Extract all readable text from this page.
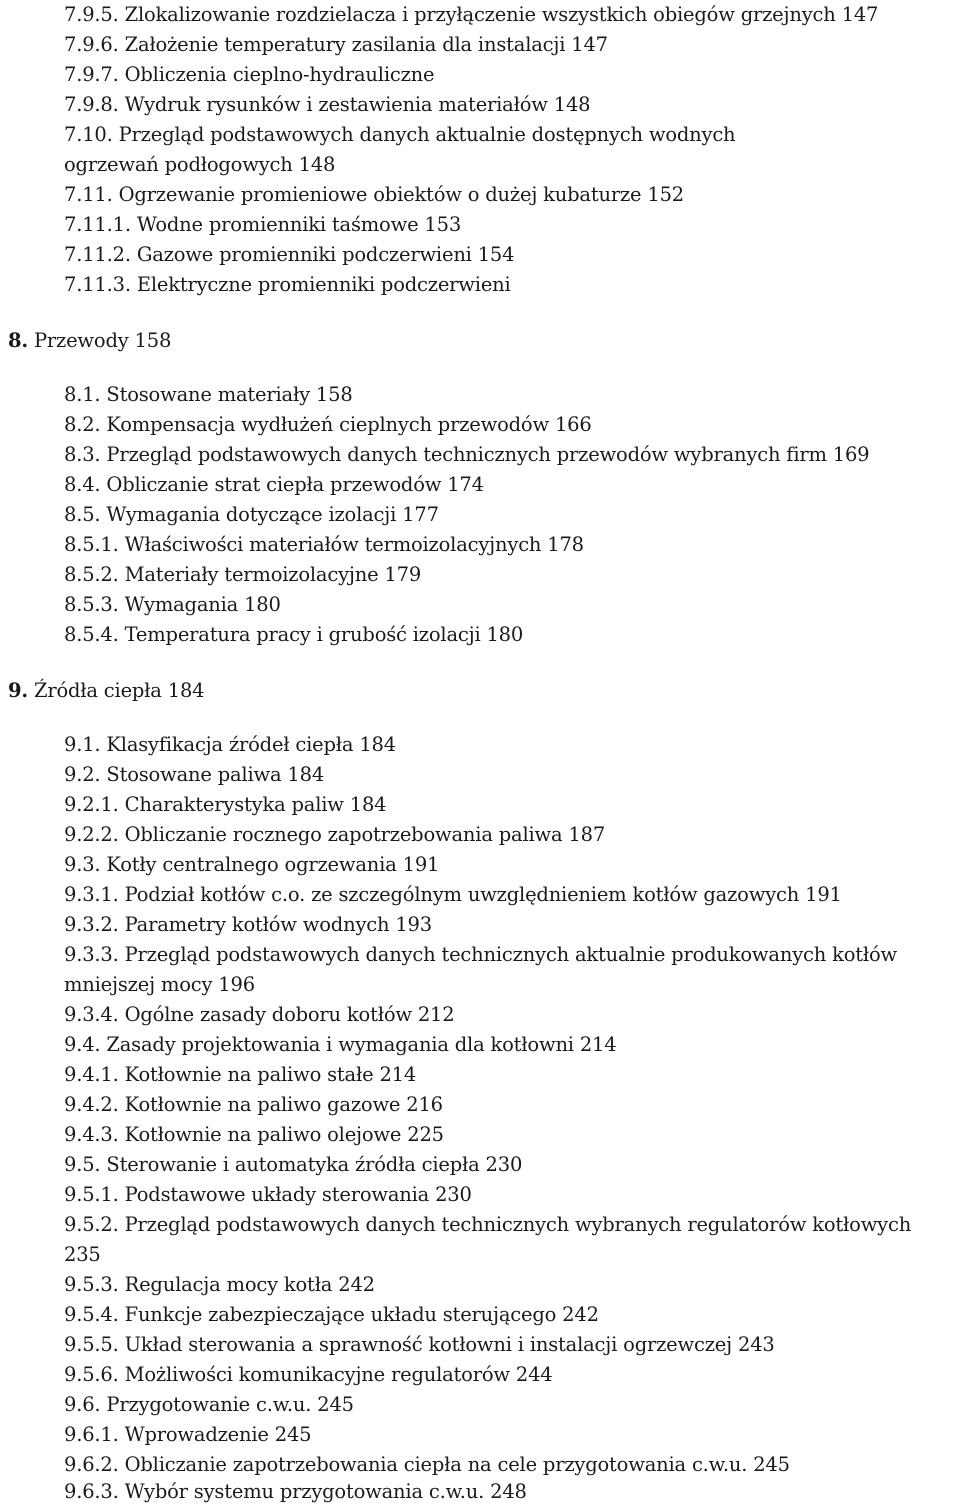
7.9.5. Zlokalizowanie rozdzielacza i przyłączenie wszystkich obiegów grzejnych 147
7.9.6. Założenie temperatury zasilania dla instalacji 147
7.9.7. Obliczenia cieplno-hydrauliczne
7.9.8. Wydruk rysunków i zestawienia materiałów 148
7.10. Przegląd podstawowych danych aktualnie dostępnych wodnych
ogrzewań podłogowych 148
7.11. Ogrzewanie promieniowe obiektów o dużej kubaturze 152
7.11.1. Wodne promienniki taśmowe 153
7.11.2. Gazowe promienniki podczerwieni 154
7.11.3. Elektryczne promienniki podczerwieni
8. Przewody 158
8.1. Stosowane materiały 158
8.2. Kompensacja wydłużeń cieplnych przewodów 166
8.3. Przegląd podstawowych danych technicznych przewodów wybranych firm 169
8.4. Obliczanie strat ciepła przewodów 174
8.5. Wymagania dotyczące izolacji 177
8.5.1. Właściwości materiałów termoizolacyjnych 178
8.5.2. Materiały termoizolacyjne 179
8.5.3. Wymagania 180
8.5.4. Temperatura pracy i grubość izolacji 180
9. Źródła ciepła 184
9.1. Klasyfikacja źródeł ciepła 184
9.2. Stosowane paliwa 184
9.2.1. Charakterystyka paliw 184
9.2.2. Obliczanie rocznego zapotrzebowania paliwa 187
9.3. Kotły centralnego ogrzewania 191
9.3.1. Podział kotłów c.o. ze szczególnym uwzględnieniem kotłów gazowych 191
9.3.2. Parametry kotłów wodnych 193
9.3.3. Przegląd podstawowych danych technicznych aktualnie produkowanych kotłów
mniejszej mocy 196
9.3.4. Ogólne zasady doboru kotłów 212
9.4. Zasady projektowania i wymagania dla kotłowni 214
9.4.1. Kotłownie na paliwo stałe 214
9.4.2. Kotłownie na paliwo gazowe 216
9.4.3. Kotłownie na paliwo olejowe 225
9.5. Sterowanie i automatyka źródła ciepła 230
9.5.1. Podstawowe układy sterowania 230
9.5.2. Przegląd podstawowych danych technicznych wybranych regulatorów kotłowych
235
9.5.3. Regulacja mocy kotła 242
9.5.4. Funkcje zabezpieczające układu sterującego 242
9.5.5. Układ sterowania a sprawność kotłowni i instalacji ogrzewczej 243
9.5.6. Możliwości komunikacyjne regulatorów 244
9.6. Przygotowanie c.w.u. 245
9.6.1. Wprowadzenie 245
9.6.2. Obliczanie zapotrzebowania ciepła na cele przygotowania c.w.u. 245
9.6.3. Wybór systemu przygotowania c.w.u. 248
